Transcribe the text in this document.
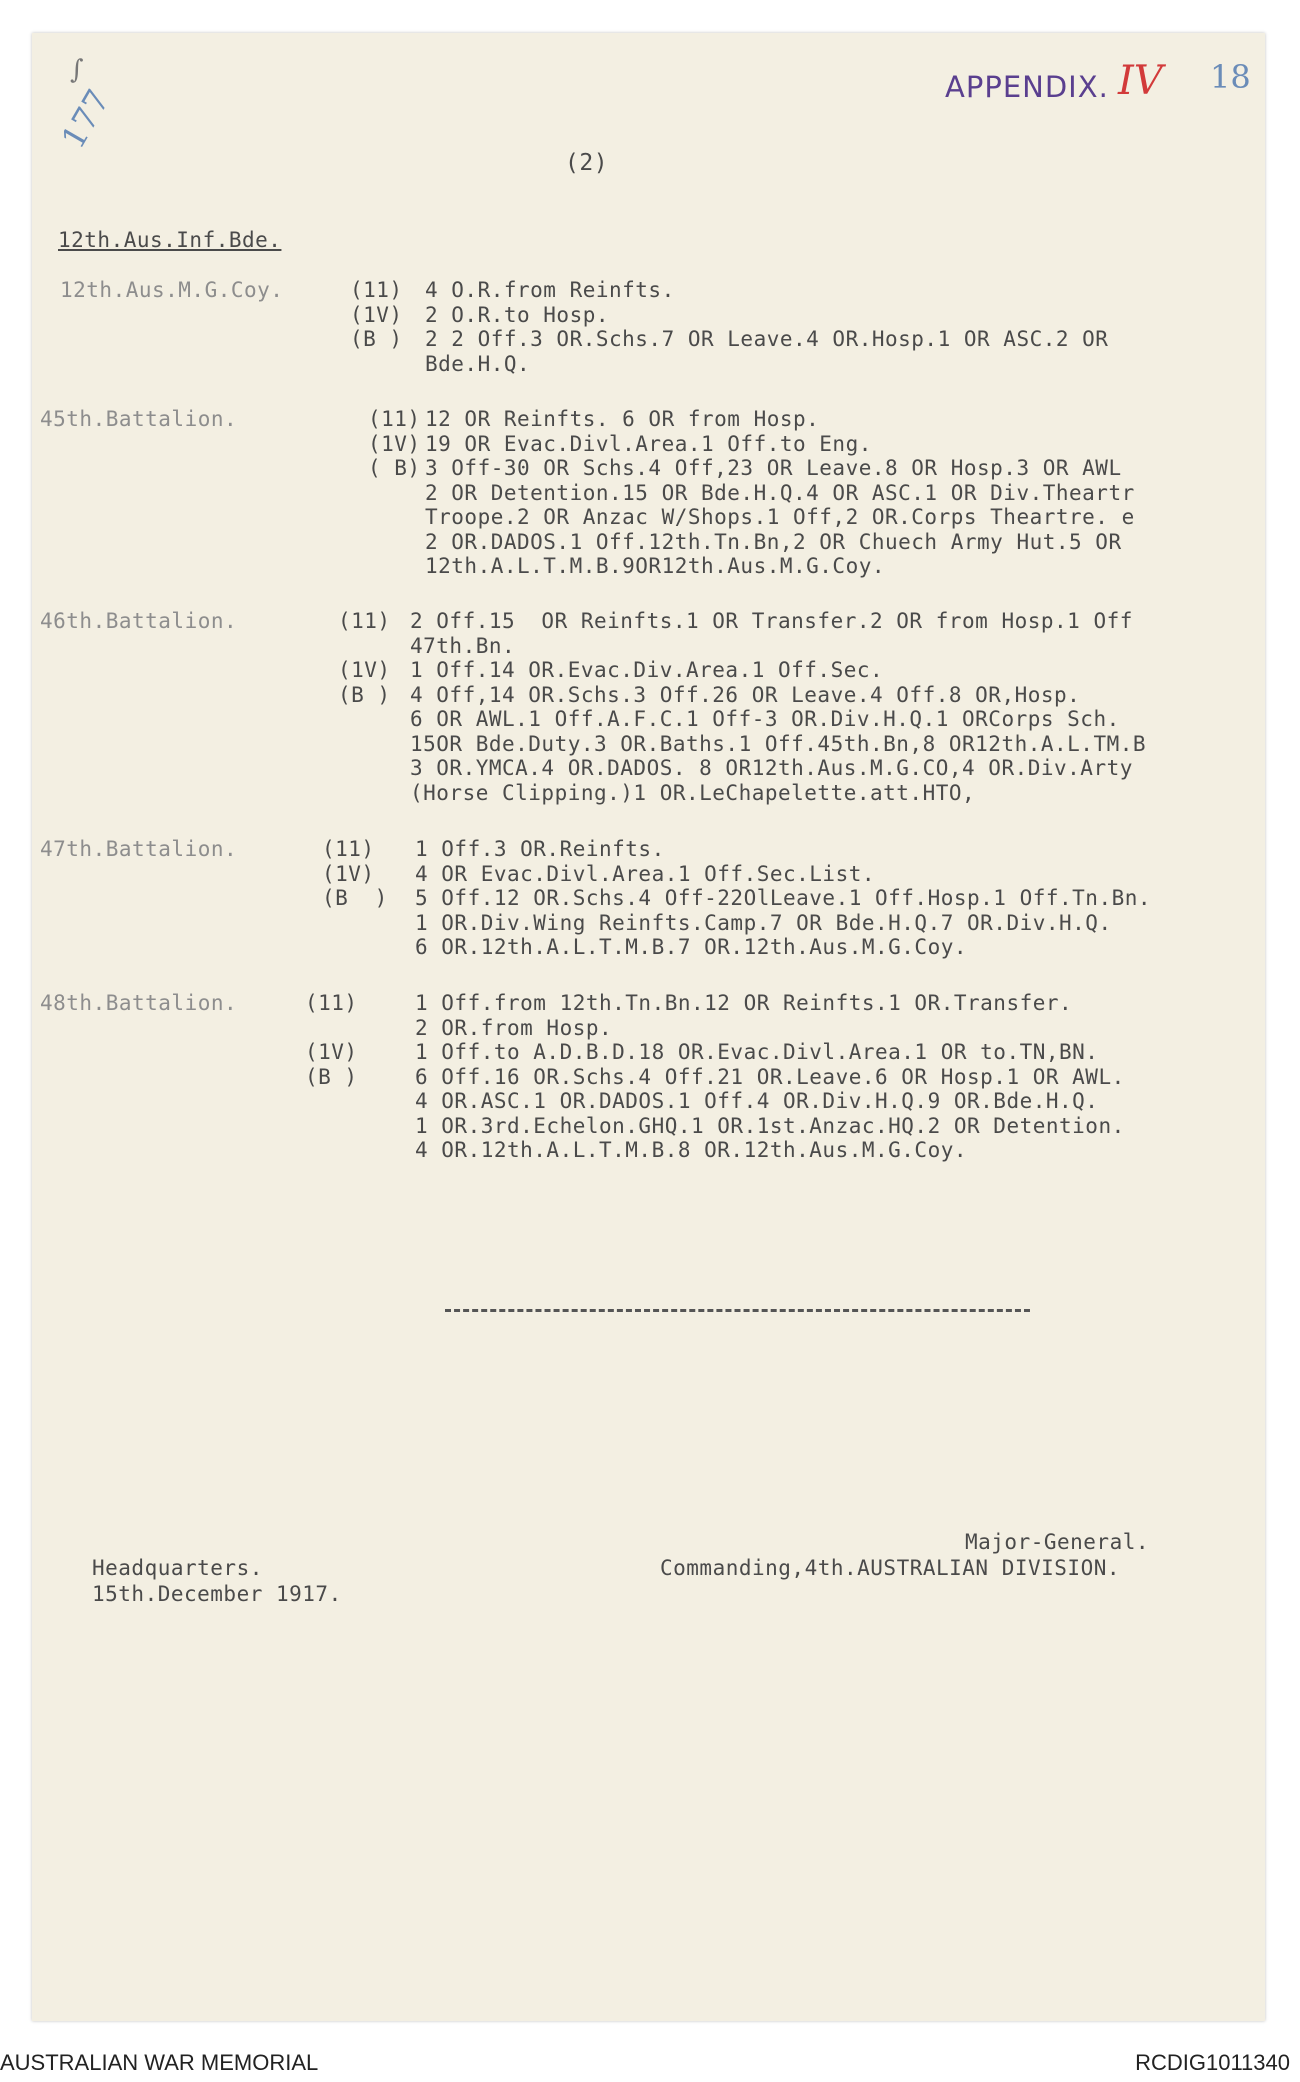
177
∫	APPENDIX. IV 18
(2)
12th.Aus.Inf.Bde.
12th.Aus.M.G.Coy.	(11) 4 O.R.from Reinfts.
(1V) 2 O.R.to Hosp.
(B ) 2 2 Off.3 OR.Schs.7 OR Leave.4 OR.Hosp.1 OR ASC.2 OR
Bde.H.Q.
45th.Battalion.	(11) 12 OR Reinfts. 6 OR from Hosp.
(1V) 19 OR Evac.Divl.Area.1 Off.to Eng.
( B) 3 Off-30 OR Schs.4 Off,23 OR Leave.8 OR Hosp.3 OR AWL
2 OR Detention.15 OR Bde.H.Q.4 OR ASC.1 OR Div.Theartr
Troope.2 OR Anzac W/Shops.1 Off,2 OR.Corps Theartre. e
2 OR.DADOS.1 Off.12th.Tn.Bn,2 OR Chuech Army Hut.5 OR
12th.A.L.T.M.B.9OR12th.Aus.M.G.Coy.
46th.Battalion.	(11) 2 Off.15  OR Reinfts.1 OR Transfer.2 OR from Hosp.1 Off
47th.Bn.
(1V) 1 Off.14 OR.Evac.Div.Area.1 Off.Sec.
(B ) 4 Off,14 OR.Schs.3 Off.26 OR Leave.4 Off.8 OR,Hosp.
6 OR AWL.1 Off.A.F.C.1 Off-3 OR.Div.H.Q.1 ORCorps Sch.
15OR Bde.Duty.3 OR.Baths.1 Off.45th.Bn,8 OR12th.A.L.TM.B
3 OR.YMCA.4 OR.DADOS. 8 OR12th.Aus.M.G.CO,4 OR.Div.Arty
(Horse Clipping.)1 OR.LeChapelette.att.HTO,
47th.Battalion.	(11) 1 Off.3 OR.Reinfts.
(1V) 4 OR Evac.Divl.Area.1 Off.Sec.List.
(B  ) 5 Off.12 OR.Schs.4 Off-22OlLeave.1 Off.Hosp.1 Off.Tn.Bn.
1 OR.Div.Wing Reinfts.Camp.7 OR Bde.H.Q.7 OR.Div.H.Q.
6 OR.12th.A.L.T.M.B.7 OR.12th.Aus.M.G.Coy.
48th.Battalion.	(11)	1 Off.from 12th.Tn.Bn.12 OR Reinfts.1 OR.Transfer.
2 OR.from Hosp.
(1V)	1 Off.to A.D.B.D.18 OR.Evac.Divl.Area.1 OR to.TN,BN.
(B )	6 Off.16 OR.Schs.4 Off.21 OR.Leave.6 OR Hosp.1 OR AWL.
4 OR.ASC.1 OR.DADOS.1 Off.4 OR.Div.H.Q.9 OR.Bde.H.Q.
1 OR.3rd.Echelon.GHQ.1 OR.1st.Anzac.HQ.2 OR Detention.
4 OR.12th.A.L.T.M.B.8 OR.12th.Aus.M.G.Coy.
Major-General.
Commanding,4th.AUSTRALIAN DIVISION.
Headquarters.
15th.December 1917.
AUSTRALIAN WAR MEMORIAL	RCDIG1011340
